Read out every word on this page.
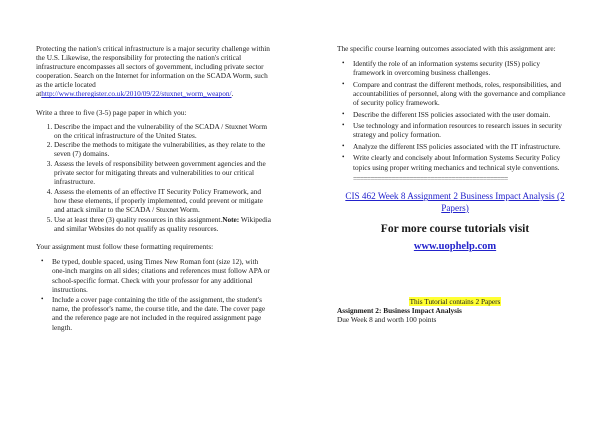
Protecting the nation's critical infrastructure is a major security challenge within the U.S. Likewise, the responsibility for protecting the nation's critical infrastructure encompasses all sectors of government, including private sector cooperation. Search on the Internet for information on the SCADA Worm, such as the article located athttp://www.theregister.co.uk/2010/09/22/stuxnet_worm_weapon/.

Write a three to five (3-5) page paper in which you:

1. Describe the impact and the vulnerability of the SCADA / Stuxnet Worm on the critical infrastructure of the United States.
2. Describe the methods to mitigate the vulnerabilities, as they relate to the seven (7) domains.
3. Assess the levels of responsibility between government agencies and the private sector for mitigating threats and vulnerabilities to our critical infrastructure.
4. Assess the elements of an effective IT Security Policy Framework, and how these elements, if properly implemented, could prevent or mitigate and attack similar to the SCADA / Stuxnet Worm.
5. Use at least three (3) quality resources in this assignment.Note: Wikipedia and similar Websites do not qualify as quality resources.

Your assignment must follow these formatting requirements:

• Be typed, double spaced, using Times New Roman font (size 12), with one-inch margins on all sides; citations and references must follow APA or school-specific format. Check with your professor for any additional instructions.
• Include a cover page containing the title of the assignment, the student's name, the professor's name, the course title, and the date. The cover page and the reference page are not included in the required assignment page length.

The specific course learning outcomes associated with this assignment are:

• Identify the role of an information systems security (ISS) policy framework in overcoming business challenges.
• Compare and contrast the different methods, roles, responsibilities, and accountabilities of personnel, along with the governance and compliance of security policy framework.
• Describe the different ISS policies associated with the user domain.
• Use technology and information resources to research issues in security strategy and policy formation.
• Analyze the different ISS policies associated with the IT infrastructure.
• Write clearly and concisely about Information Systems Security Policy topics using proper writing mechanics and technical style conventions.
• ============================================

CIS 462 Week 8 Assignment 2 Business Impact Analysis (2 Papers)

For more course tutorials visit

www.uophelp.com

This Tutorial contains 2 Papers

Assignment 2: Business Impact Analysis

Due Week 8 and worth 100 points
